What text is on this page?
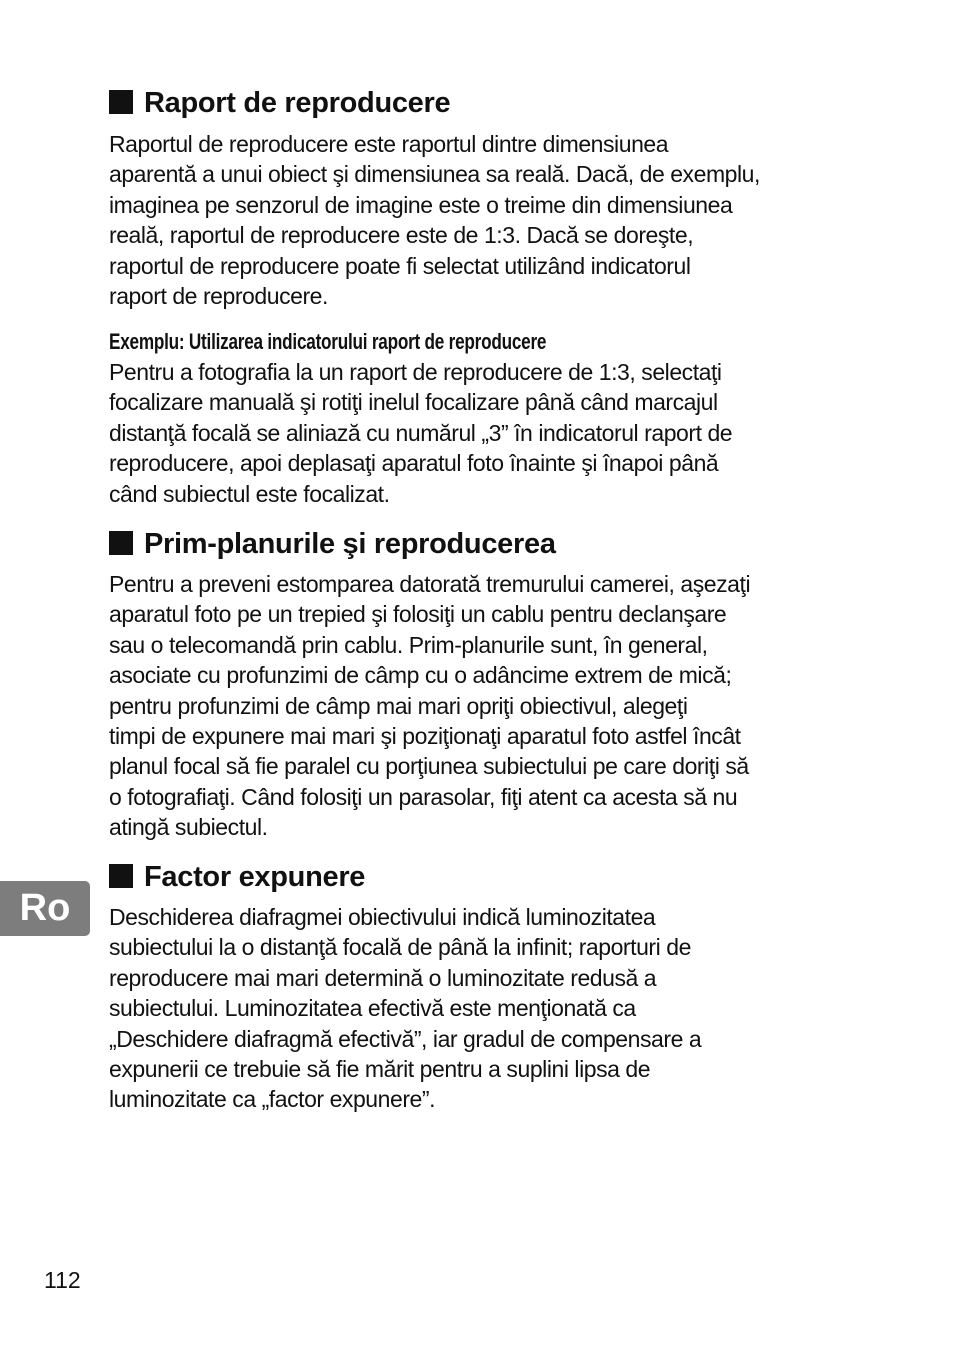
Raport de reproducere
Raportul de reproducere este raportul dintre dimensiunea
aparentă a unui obiect şi dimensiunea sa reală. Dacă, de exemplu,
imaginea pe senzorul de imagine este o treime din dimensiunea
reală, raportul de reproducere este de 1:3. Dacă se doreşte,
raportul de reproducere poate fi selectat utilizând indicatorul
raport de reproducere.
Exemplu: Utilizarea indicatorului raport de reproducere
Pentru a fotografia la un raport de reproducere de 1:3, selectaţi
focalizare manuală şi rotiţi inelul focalizare până când marcajul
distanţă focală se aliniază cu numărul „3” în indicatorul raport de
reproducere, apoi deplasaţi aparatul foto înainte şi înapoi până
când subiectul este focalizat.
Prim-planurile şi reproducerea
Pentru a preveni estomparea datorată tremurului camerei, aşezaţi
aparatul foto pe un trepied şi folosiţi un cablu pentru declanşare
sau o telecomandă prin cablu. Prim-planurile sunt, în general,
asociate cu profunzimi de câmp cu o adâncime extrem de mică;
pentru profunzimi de câmp mai mari opriţi obiectivul, alegeţi
timpi de expunere mai mari şi poziţionaţi aparatul foto astfel încât
planul focal să fie paralel cu porţiunea subiectului pe care doriţi să
o fotografiaţi. Când folosiţi un parasolar, fiţi atent ca acesta să nu
atingă subiectul.
Factor expunere
Deschiderea diafragmei obiectivului indică luminozitatea
subiectului la o distanţă focală de până la infinit; raporturi de
reproducere mai mari determină o luminozitate redusă a
subiectului. Luminozitatea efectivă este menţionată ca
„Deschidere diafragmă efectivă”, iar gradul de compensare a
expunerii ce trebuie să fie mărit pentru a suplini lipsa de
luminozitate ca „factor expunere”.
Ro
112
